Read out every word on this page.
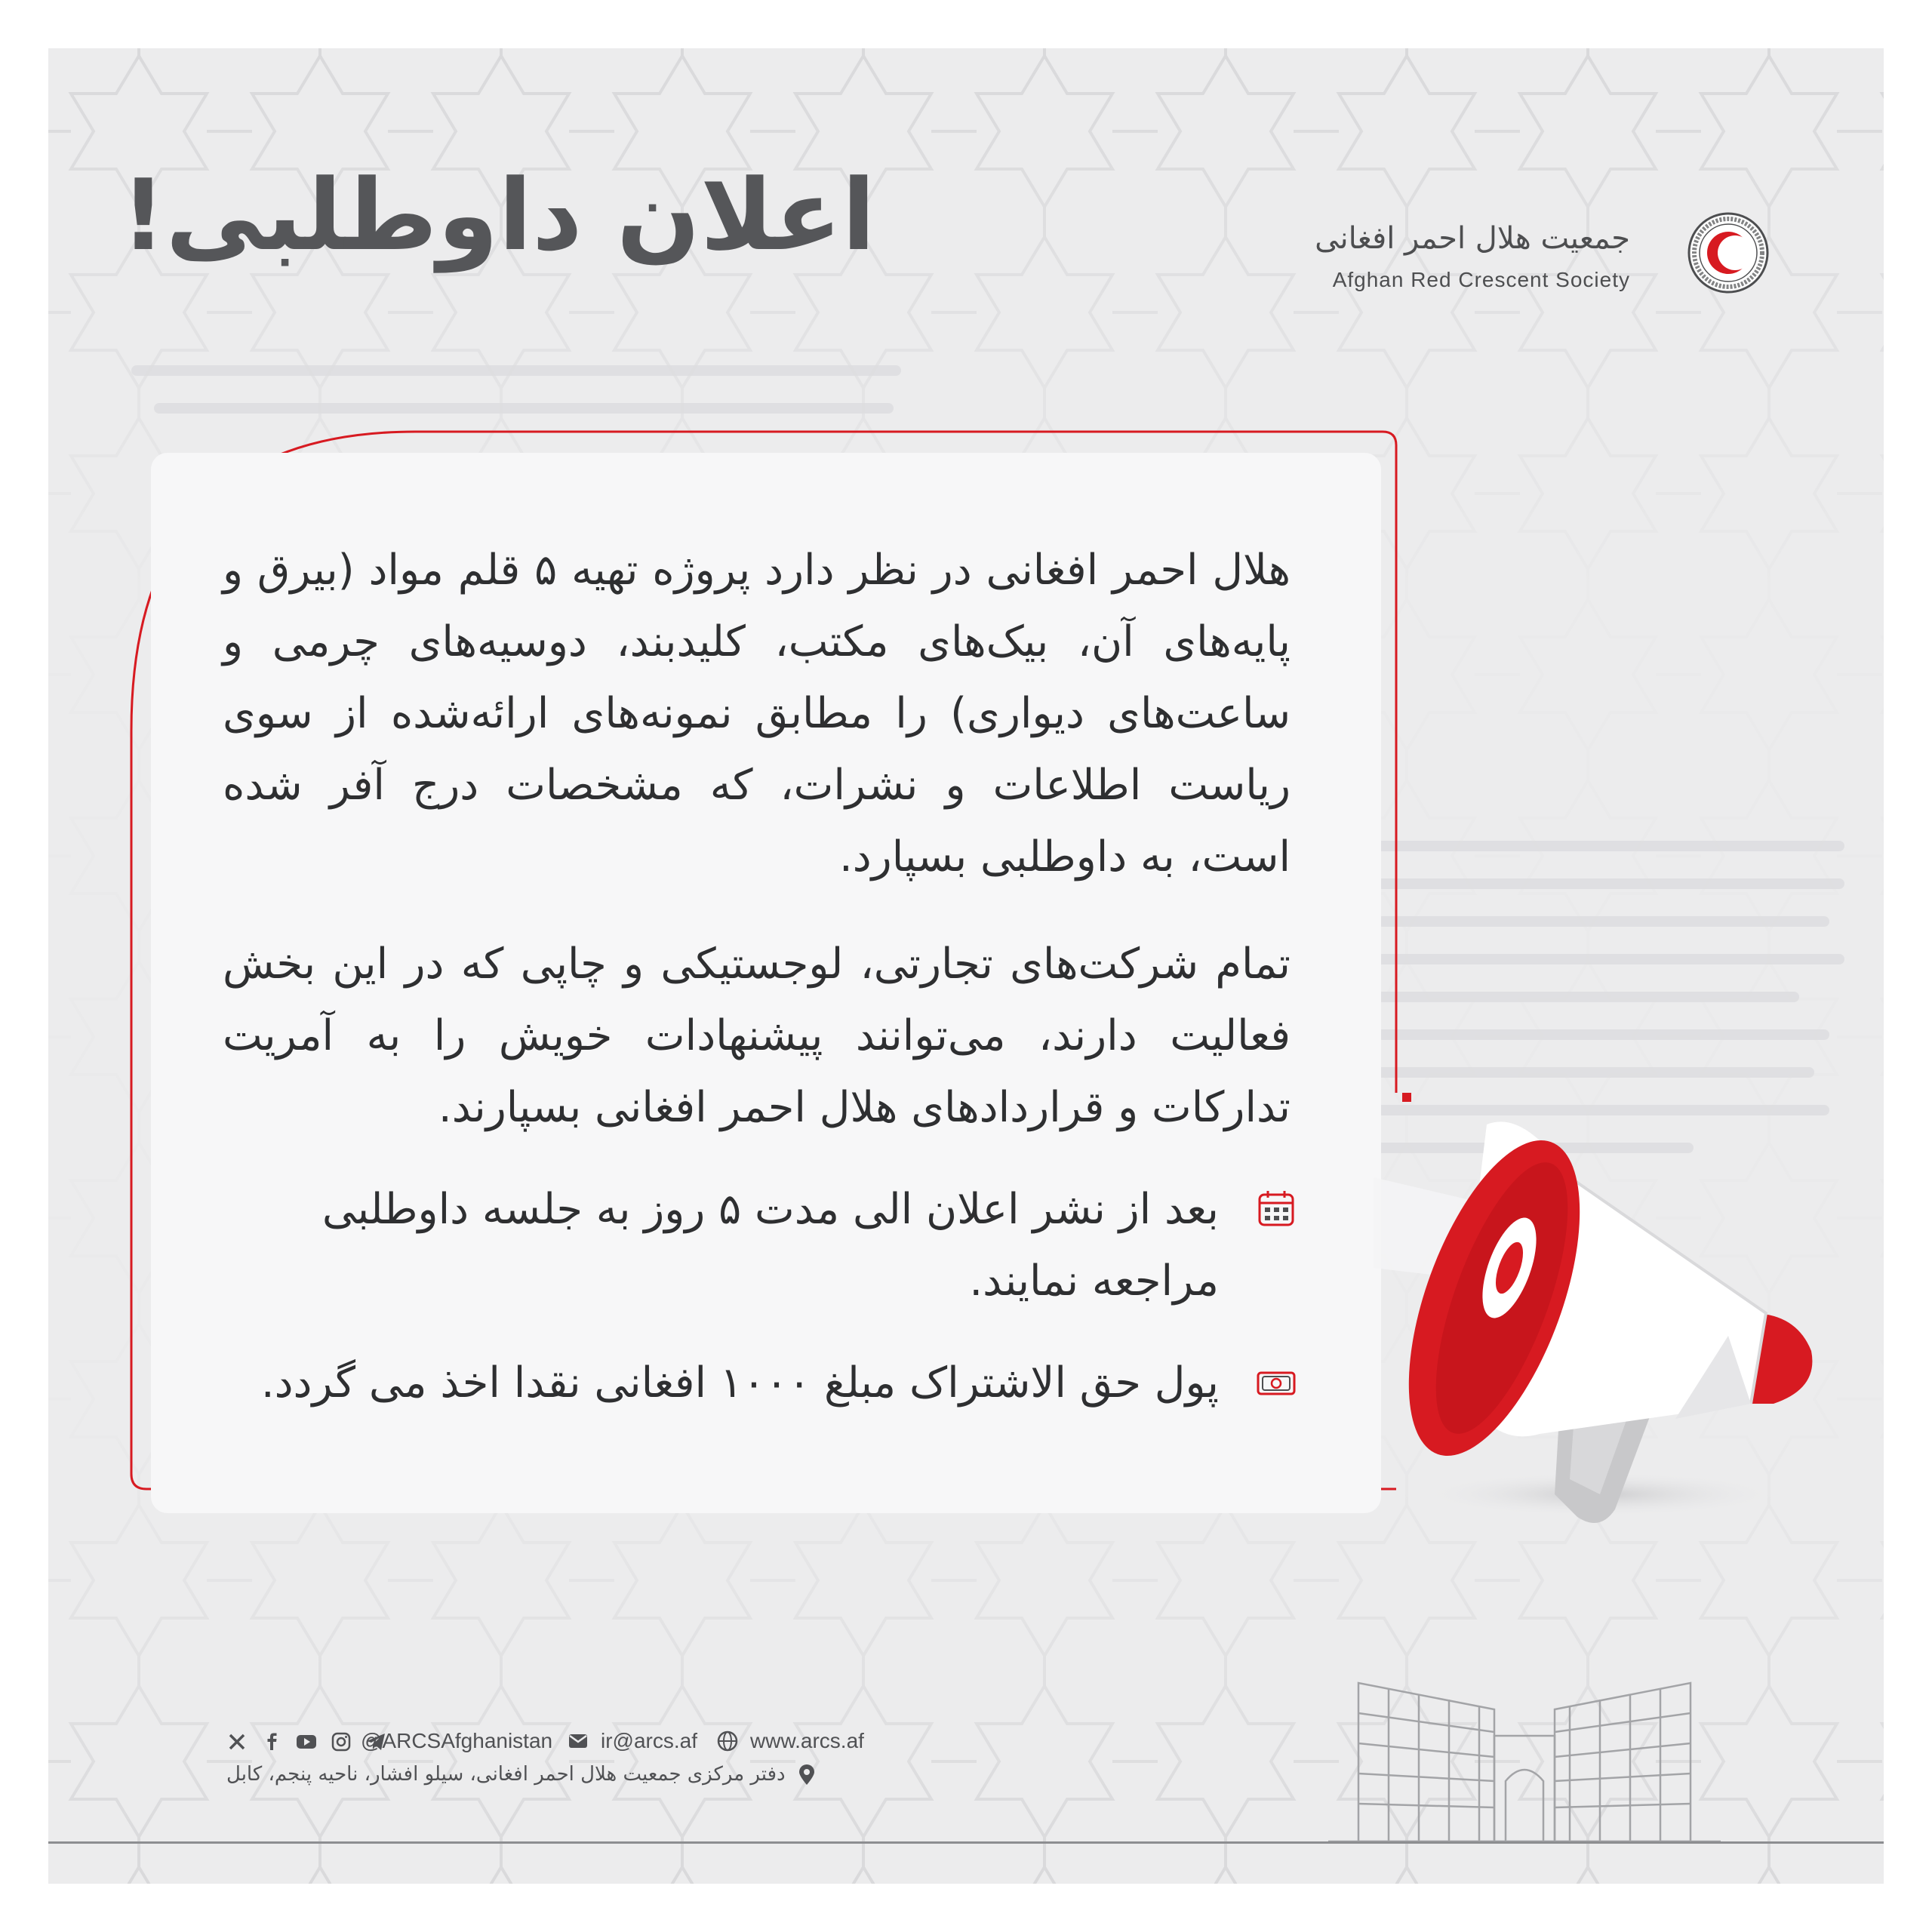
اعلان داوطلبی!	جمعیت هلال احمر افغانی
Afghan Red Crescent Society
هلال احمر افغانی در نظر دارد پروژه تهیه ۵ قلم مواد (بیرق و پایه‌های آن، بیک‌های مکتب، کلیدبند، دوسیه‌های چرمی و ساعت‌های دیواری) را مطابق نمونه‌های ارائه‌شده از سوی ریاست اطلاعات و نشرات، که مشخصات درج آفر شده است، به داوطلبی بسپارد.
تمام شرکت‌های تجارتی، لوجستیکی و چاپی که در این بخش فعالیت دارند، می‌توانند پیشنهادات خویش را به آمریت تدارکات و قراردادهای هلال احمر افغانی بسپارند.
بعد از نشر اعلان الی مدت ۵ روز به جلسه داوطلبی مراجعه نمایند.
پول حق الاشتراک مبلغ ۱۰۰۰ افغانی نقدا اخذ می گردد.
@ARCSAfghanistan ir@arcs.af	www.arcs.af
دفتر مرکزی جمعیت هلال احمر افغانی، سیلو افشار، ناحیه پنجم، کابل
